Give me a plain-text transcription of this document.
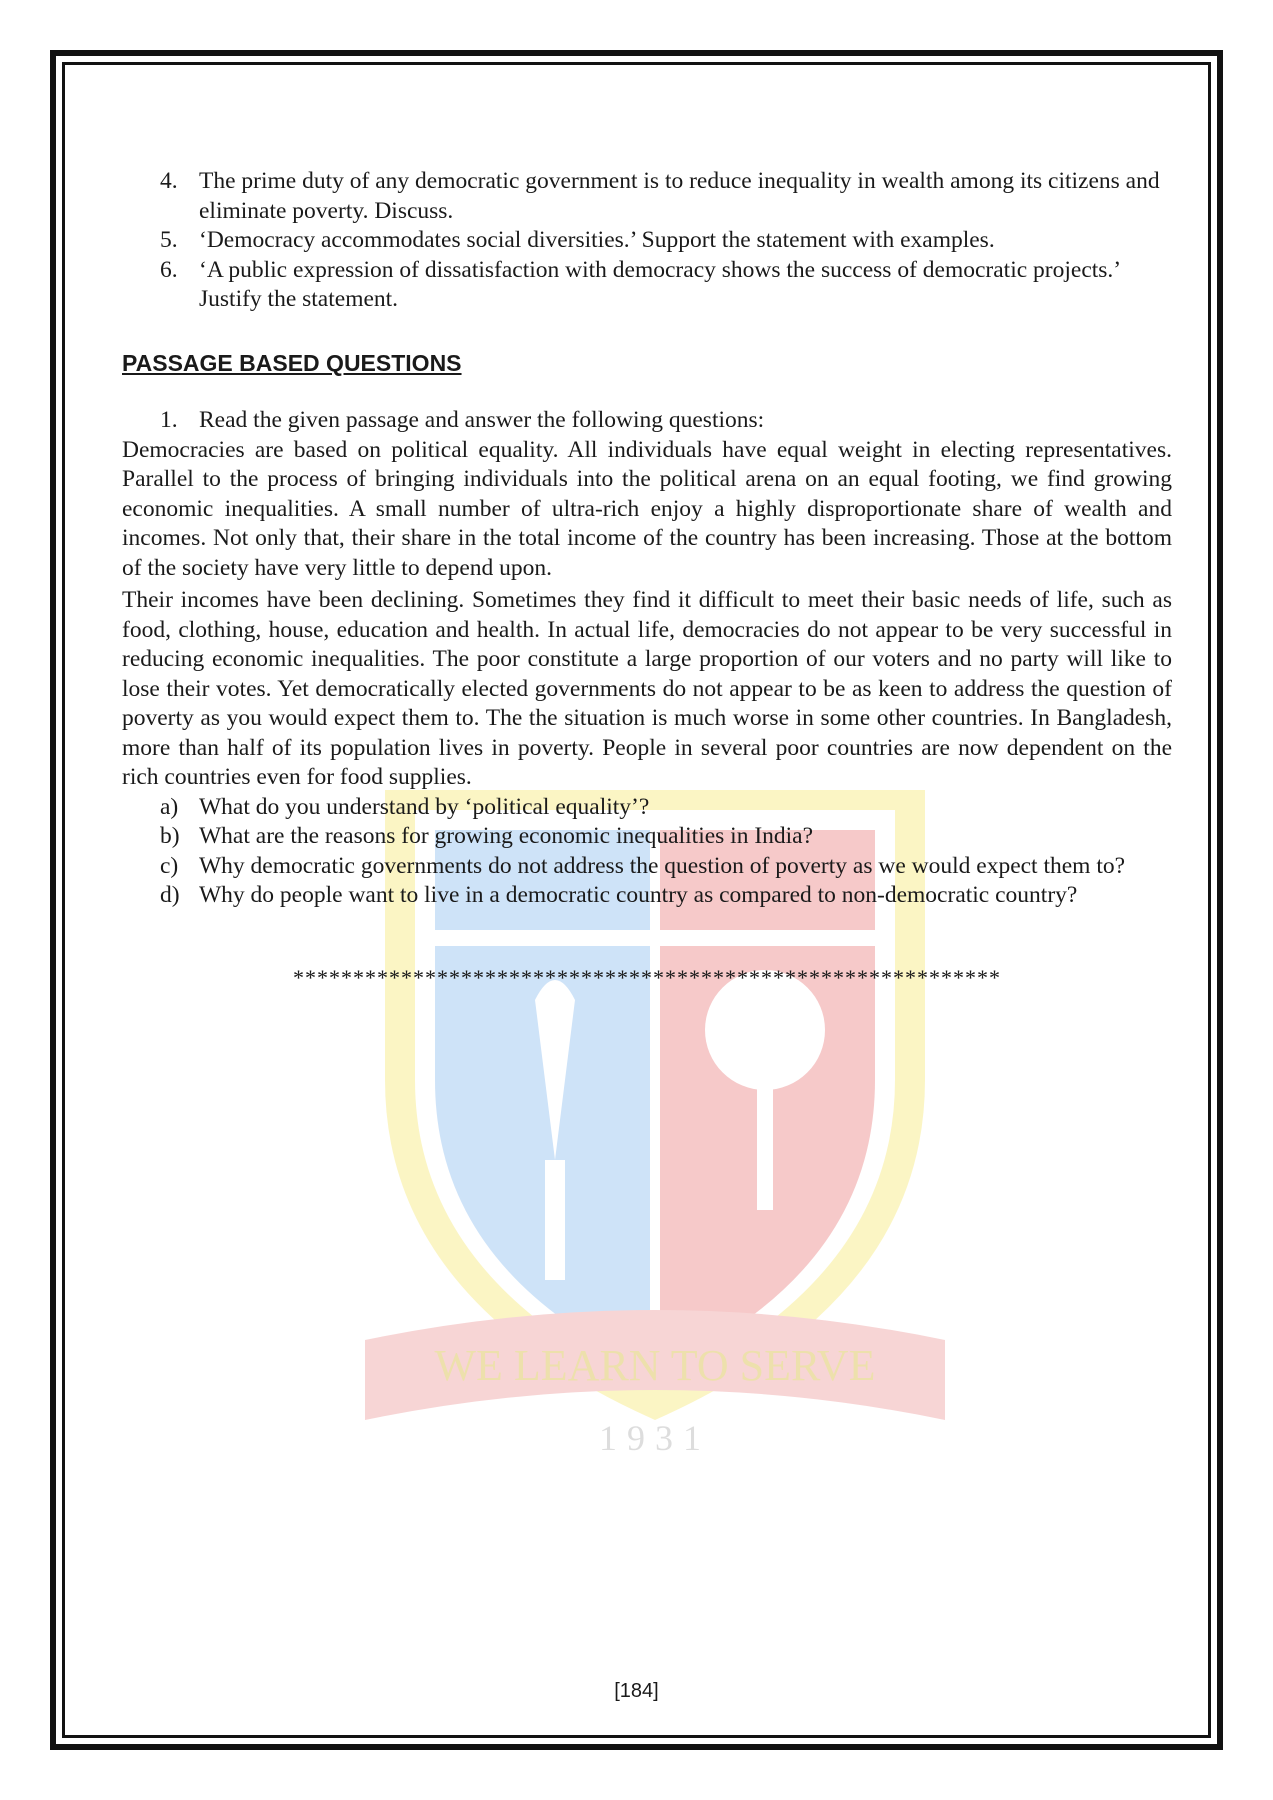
WE LEARN TO SERVE
1931
4. The prime duty of any democratic government is to reduce inequality in wealth among its citizens and eliminate poverty. Discuss.
5. ‘Democracy accommodates social diversities.’ Support the statement with examples.
6. ‘A public expression of dissatisfaction with democracy shows the success of democratic projects.’ Justify the statement.
PASSAGE BASED QUESTIONS
1. Read the given passage and answer the following questions:

Democracies are based on political equality. All individuals have equal weight in electing representatives. Parallel to the process of bringing individuals into the political arena on an equal footing, we find growing economic inequalities. A small number of ultra-rich enjoy a highly disproportionate share of wealth and incomes. Not only that, their share in the total income of the country has been increasing. Those at the bottom of the society have very little to depend upon.

Their incomes have been declining. Sometimes they find it difficult to meet their basic needs of life, such as food, clothing, house, education and health. In actual life, democracies do not appear to be very successful in reducing economic inequalities. The poor constitute a large proportion of our voters and no party will like to lose their votes. Yet democratically elected governments do not appear to be as keen to address the question of poverty as you would expect them to. The the situation is much worse in some other countries. In Bangladesh, more than half of its population lives in poverty. People in several poor countries are now dependent on the rich countries even for food supplies.

a) What do you understand by ‘political equality’?
b) What are the reasons for growing economic inequalities in India?
c) Why democratic governments do not address the question of poverty as we would expect them to?
d) Why do people want to live in a democratic country as compared to non-democratic country?
***********************************************************
[184]
